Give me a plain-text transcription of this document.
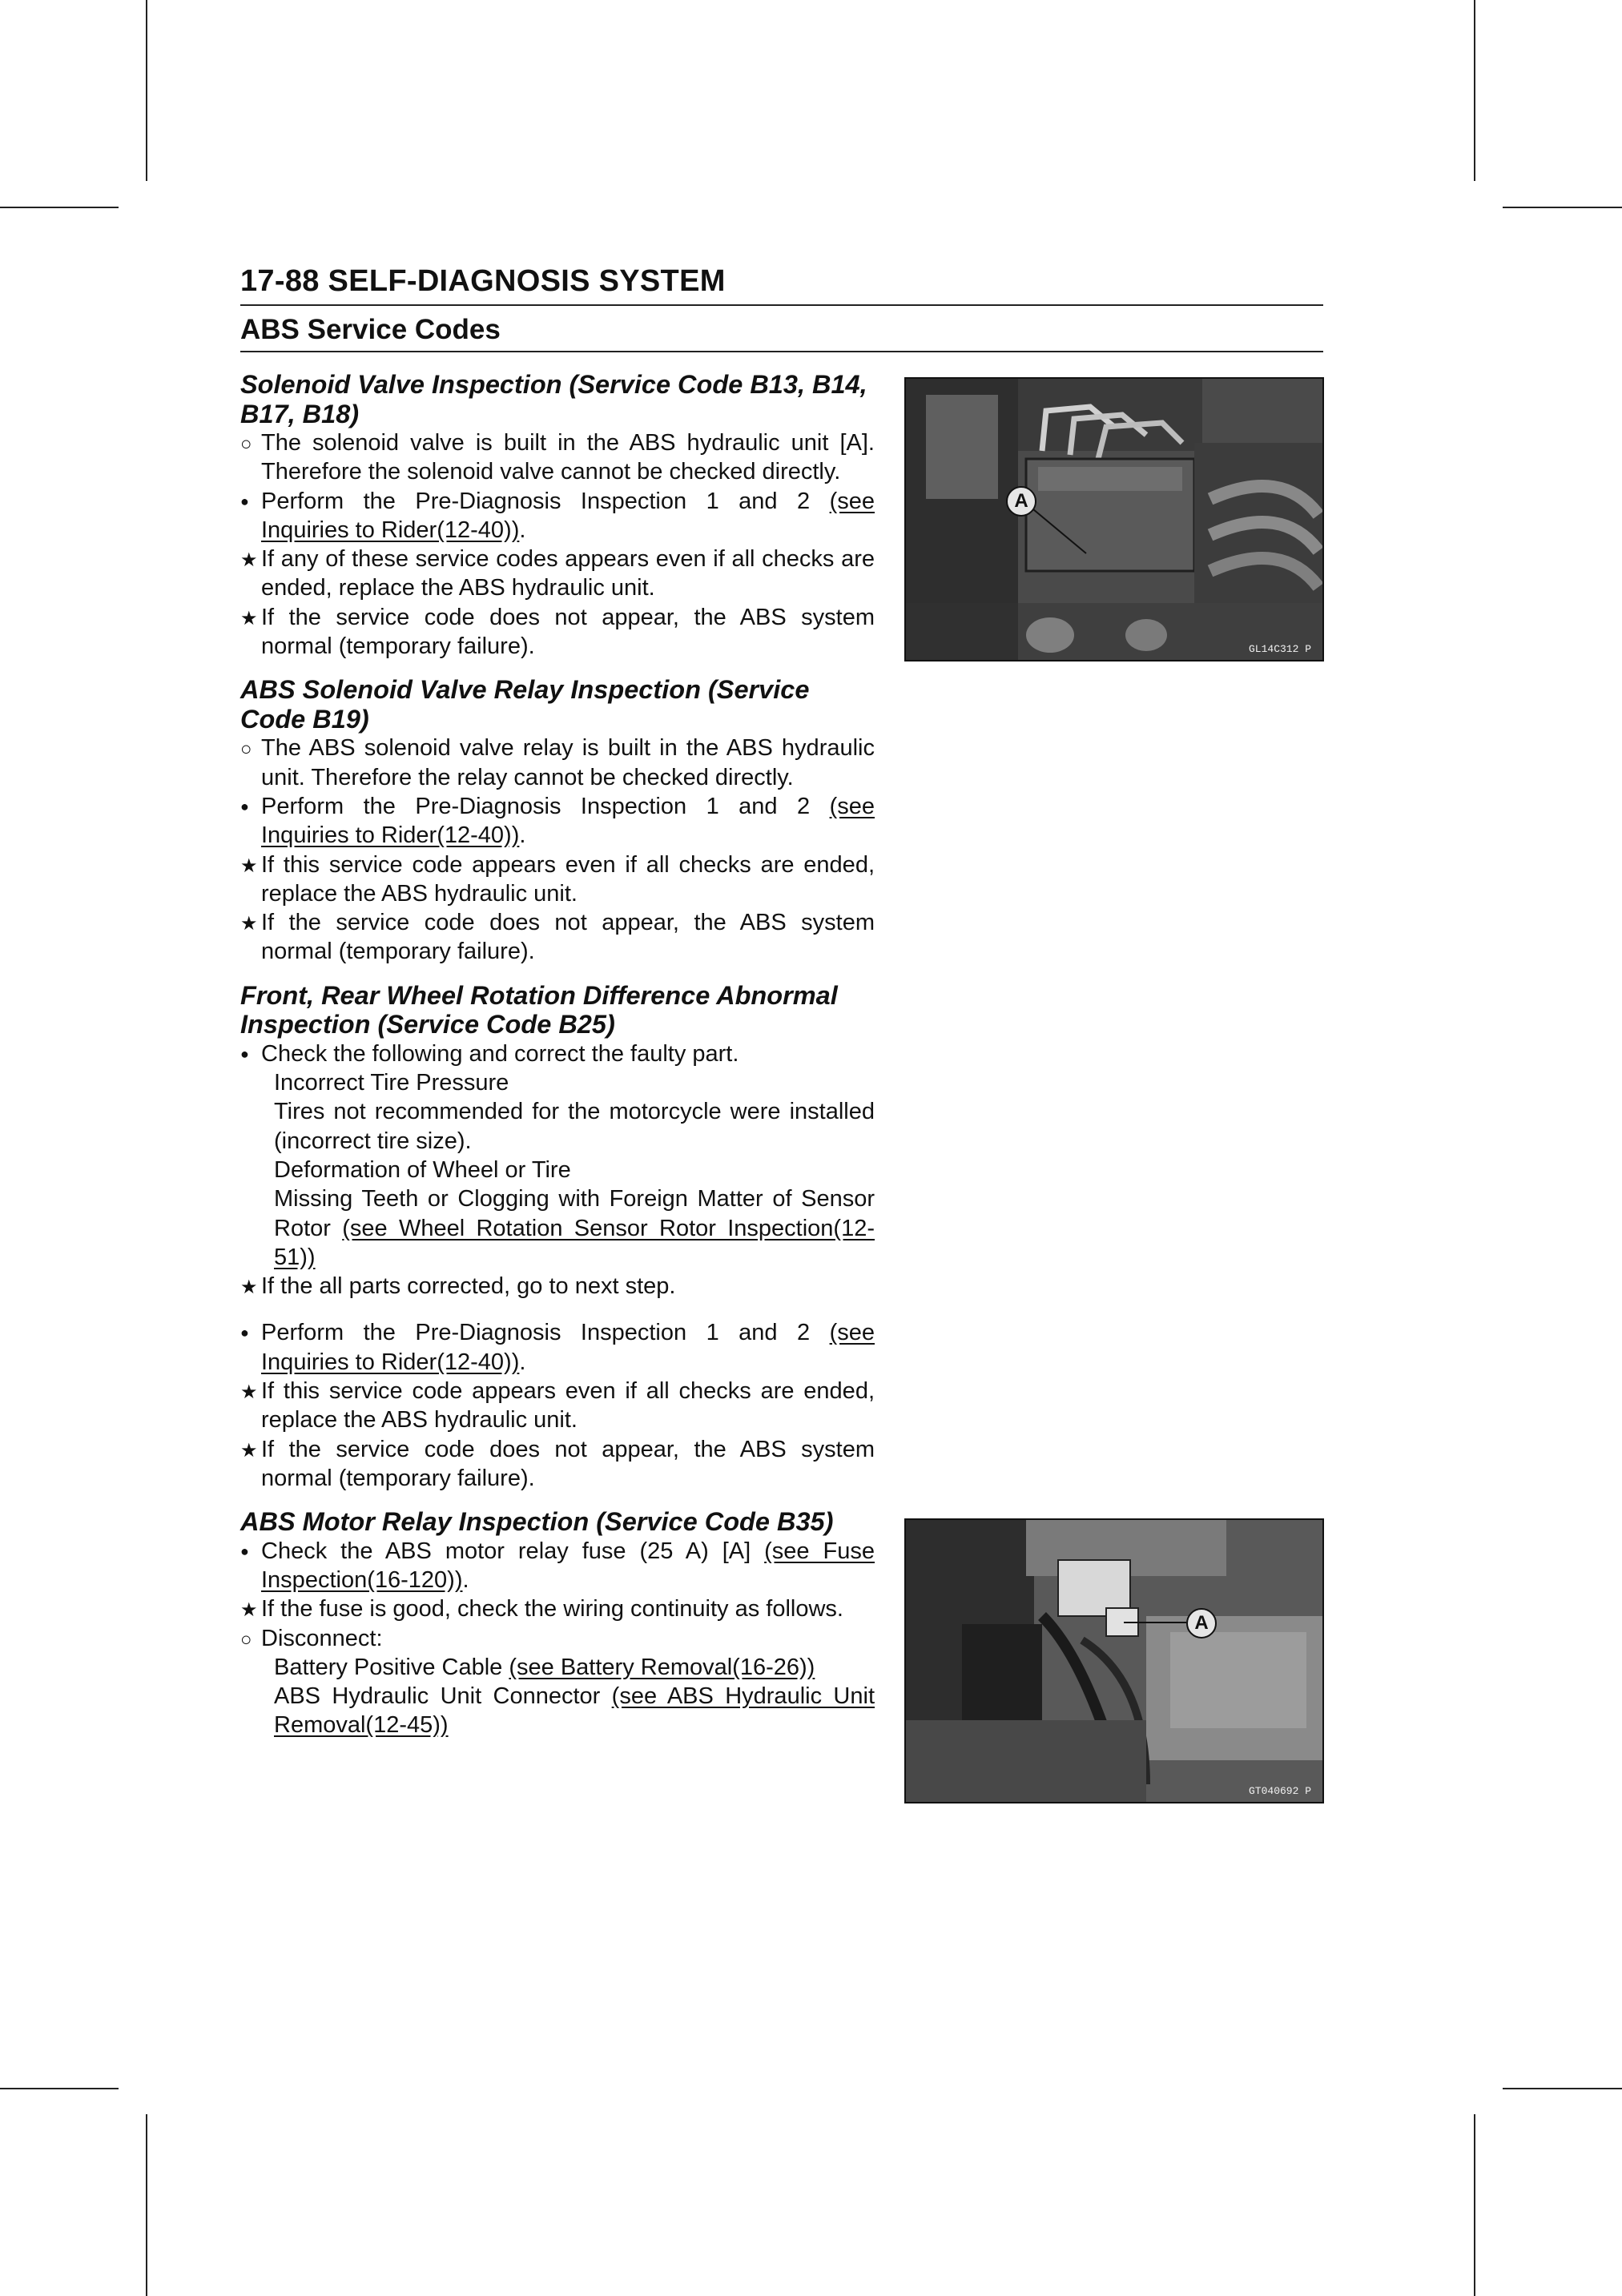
17-88 SELF-DIAGNOSIS SYSTEM
ABS Service Codes
Solenoid Valve Inspection (Service Code B13, B14, B17, B18)
○
The solenoid valve is built in the ABS hydraulic unit [A]. Therefore the solenoid valve cannot be checked directly.
●
Perform the Pre-Diagnosis Inspection 1 and 2 (see Inquiries to Rider(12-40)).
★
If any of these service codes appears even if all checks are ended, replace the ABS hydraulic unit.
★
If the service code does not appear, the ABS system normal (temporary failure).
ABS Solenoid Valve Relay Inspection (Service Code B19)
○
The ABS solenoid valve relay is built in the ABS hydraulic unit. Therefore the relay cannot be checked directly.
●
Perform the Pre-Diagnosis Inspection 1 and 2 (see Inquiries to Rider(12-40)).
★
If this service code appears even if all checks are ended, replace the ABS hydraulic unit.
★
If the service code does not appear, the ABS system normal (temporary failure).
Front, Rear Wheel Rotation Difference Abnormal Inspection (Service Code B25)
●
Check the following and correct the faulty part.
Incorrect Tire Pressure
Tires not recommended for the motorcycle were installed (incorrect tire size).
Deformation of Wheel or Tire
Missing Teeth or Clogging with Foreign Matter of Sensor Rotor (see Wheel Rotation Sensor Rotor Inspection(12-51))
★
If the all parts corrected, go to next step.
●
Perform the Pre-Diagnosis Inspection 1 and 2 (see Inquiries to Rider(12-40)).
★
If this service code appears even if all checks are ended, replace the ABS hydraulic unit.
★
If the service code does not appear, the ABS system normal (temporary failure).
ABS Motor Relay Inspection (Service Code B35)
●
Check the ABS motor relay fuse (25 A) [A] (see Fuse Inspection(16-120)).
★
If the fuse is good, check the wiring continuity as follows.
○
Disconnect:
Battery Positive Cable (see Battery Removal(16-26))
ABS Hydraulic Unit Connector (see ABS Hydraulic Unit Removal(12-45))
A
GL14C312 P
A
GT040692 P
